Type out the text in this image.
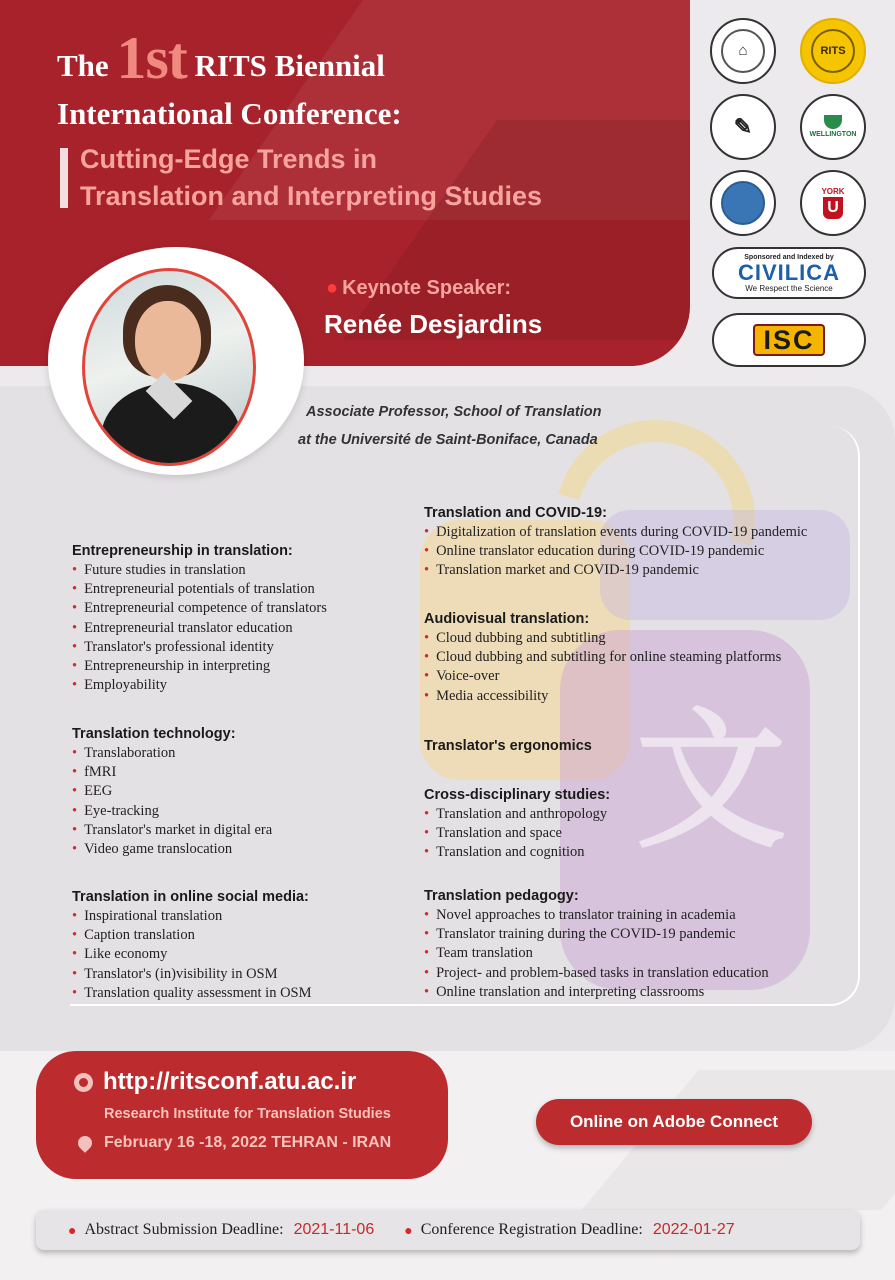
The 1st RITS Biennial
International Conference:
Cutting-Edge Trends in
Translation and Interpreting Studies
● Keynote Speaker:
Renée Desjardins
⌂	RITS
✎	WELLINGTON
YORK
U
Sponsored and Indexed by
CIVILICA
We Respect the Science
ISC
文
Associate Professor, School of Translation
at the Université de Saint-Boniface, Canada
Entrepreneurship in translation:
• Future studies in translation
• Entrepreneurial potentials of translation
• Entrepreneurial competence of translators
• Entrepreneurial translator education
• Translator's professional identity
• Entrepreneurship in interpreting
• Employability
Translation technology:
• Translaboration
• fMRI
• EEG
• Eye-tracking
• Translator's market in digital era
• Video game translocation
Translation in online social media:
• Inspirational translation
• Caption translation
• Like economy
• Translator's (in)visibility in OSM
• Translation quality assessment in OSM
Translation and COVID-19:
• Digitalization of translation events during COVID-19 pandemic
• Online translator education during COVID-19 pandemic
• Translation market and COVID-19 pandemic
Audiovisual translation:
• Cloud dubbing and subtitling
• Cloud dubbing and subtitling for online steaming platforms
• Voice-over
• Media accessibility
Translator's ergonomics
Cross-disciplinary studies:
• Translation and anthropology
• Translation and space
• Translation and cognition
Translation pedagogy:
• Novel approaches to translator training in academia
• Translator training during the COVID-19 pandemic
• Team translation
• Project- and problem-based tasks in translation education
• Online translation and interpreting classrooms
http://ritsconf.atu.ac.ir
Research Institute for Translation Studies
February 16 -18, 2022 TEHRAN - IRAN
Online on Adobe Connect
● Abstract Submission Deadline: 2021-11-06 ● Conference Registration Deadline: 2022-01-27
